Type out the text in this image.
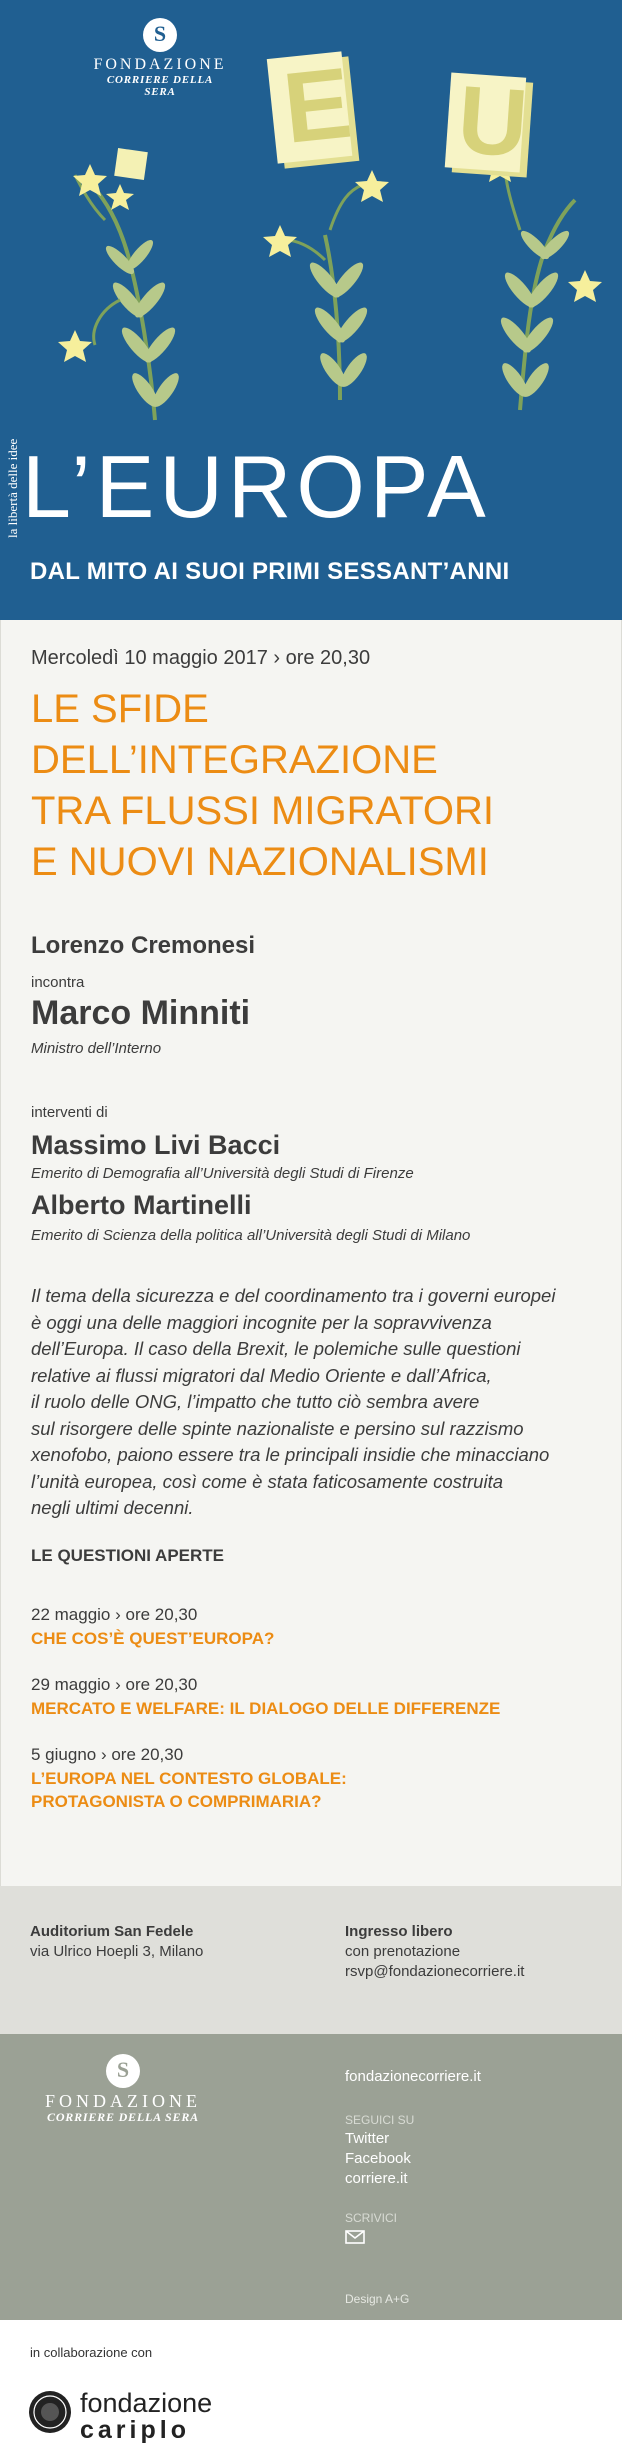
E U
la libertà delle idee
S
FONDAZIONE
CORRIERE DELLA SERA
L’EUROPA
DAL MITO AI SUOI PRIMI SESSANT’ANNI
Mercoledì 10 maggio 2017 › ore 20,30
LE SFIDE
DELL’INTEGRAZIONE
TRA FLUSSI MIGRATORI
E NUOVI NAZIONALISMI
Lorenzo Cremonesi
incontra
Marco Minniti
Ministro dell’Interno
interventi di
Massimo Livi Bacci
Emerito di Demografia all’Università degli Studi di Firenze
Alberto Martinelli
Emerito di Scienza della politica all’Università degli Studi di Milano

Il tema della sicurezza e del coordinamento tra i governi europei

è oggi una delle maggiori incognite per la sopravvivenza

dell’Europa. Il caso della Brexit, le polemiche sulle questioni

relative ai flussi migratori dal Medio Oriente e dall’Africa,

il ruolo delle ONG, l’impatto che tutto ciò sembra avere

sul risorgere delle spinte nazionaliste e persino sul razzismo

xenofobo, paiono essere tra le principali insidie che minacciano

l’unità europea, così come è stata faticosamente costruita

negli ultimi decenni.

LE QUESTIONI APERTE
22 maggio › ore 20,30
CHE COS’È QUEST’EUROPA?
29 maggio › ore 20,30
MERCATO E WELFARE: IL DIALOGO DELLE DIFFERENZE
5 giugno › ore 20,30
L’EUROPA NEL CONTESTO GLOBALE:
PROTAGONISTA O COMPRIMARIA?
Auditorium San Fedele
via Ulrico Hoepli 3, Milano
Ingresso libero
con prenotazione
rsvp@fondazionecorriere.it
S
FONDAZIONE
CORRIERE DELLA SERA
fondazionecorriere.it
SEGUICI SU
Twitter
Facebook
corriere.it
SCRIVICI
Design A+G
in collaborazione con
fondazione
cariplo
